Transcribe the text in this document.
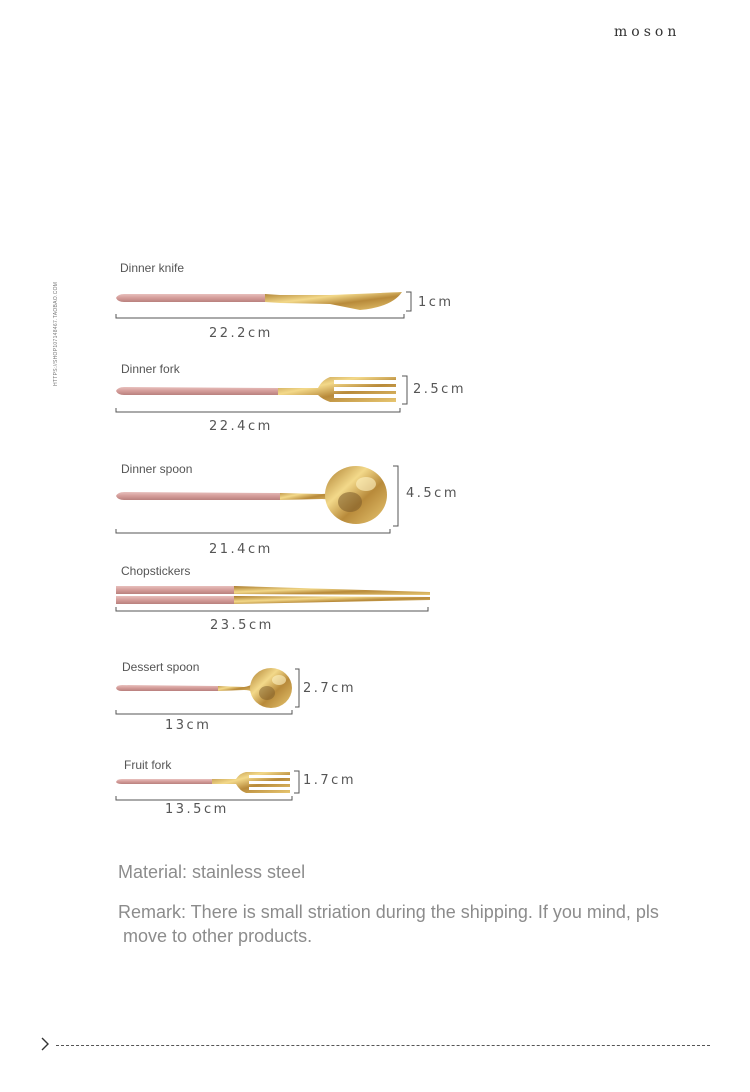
moson
HTTPS://SHOP107148467.TAOBAO.COM
Dinner knife
22.2cm
1cm
Dinner fork
22.4cm
2.5cm
Dinner spoon
21.4cm
4.5cm
Chopstickers
23.5cm
Dessert spoon
13cm
2.7cm
Fruit fork
13.5cm
1.7cm
Material: stainless steel
Remark: There is small striation during the shipping. If you mind, pls
move to other products.
